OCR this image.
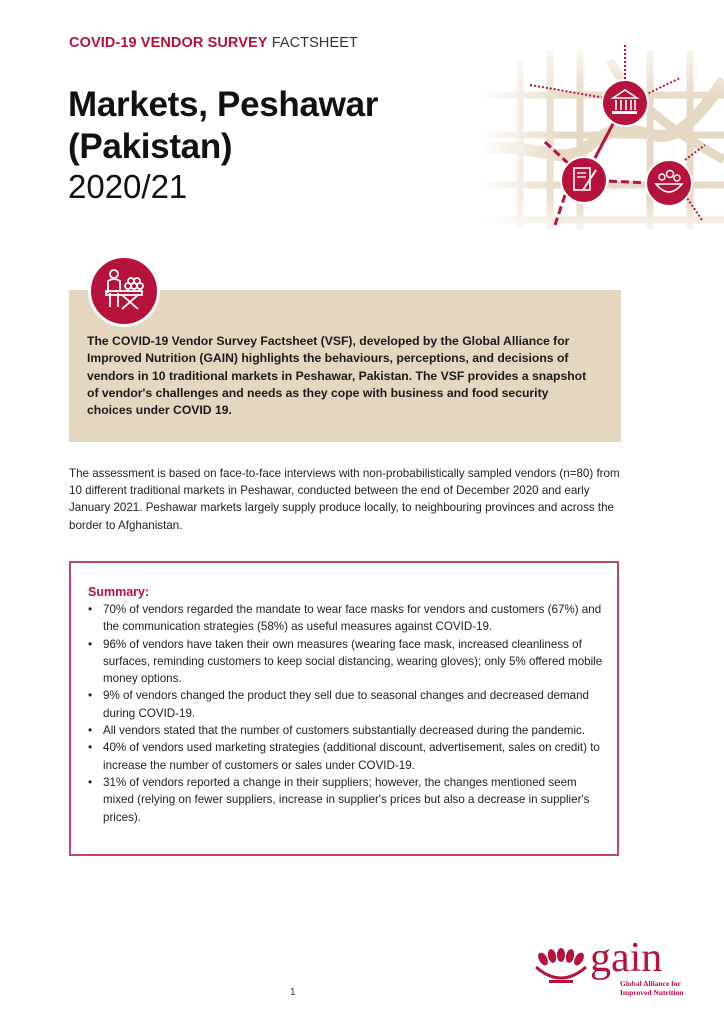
COVID-19 VENDOR SURVEY FACTSHEET
Markets, Peshawar
(Pakistan)
2020/21
The COVID-19 Vendor Survey Factsheet (VSF), developed by the Global Alliance for Improved Nutrition (GAIN) highlights the behaviours, perceptions, and decisions of vendors in 10 traditional markets in Peshawar, Pakistan. The VSF provides a snapshot of vendor's challenges and needs as they cope with business and food security choices under COVID 19.
The assessment is based on face-to-face interviews with non-probabilistically sampled vendors (n=80) from 10 different traditional markets in Peshawar, conducted between the end of December 2020 and early January 2021. Peshawar markets largely supply produce locally, to neighbouring provinces and across the border to Afghanistan.
Summary:
• 70% of vendors regarded the mandate to wear face masks for vendors and customers (67%) and the communication strategies (58%) as useful measures against COVID-19.
• 96% of vendors have taken their own measures (wearing face mask, increased cleanliness of surfaces, reminding customers to keep social distancing, wearing gloves); only 5% offered mobile money options.
• 9% of vendors changed the product they sell due to seasonal changes and decreased demand during COVID-19.
• All vendors stated that the number of customers substantially decreased during the pandemic.
• 40% of vendors used marketing strategies (additional discount, advertisement, sales on credit) to increase the number of customers or sales under COVID-19.
• 31% of vendors reported a change in their suppliers; however, the changes mentioned seem mixed (relying on fewer suppliers, increase in supplier's prices but also a decrease in supplier's prices).
1
gain
Global Alliance for
Improved Nutrition
